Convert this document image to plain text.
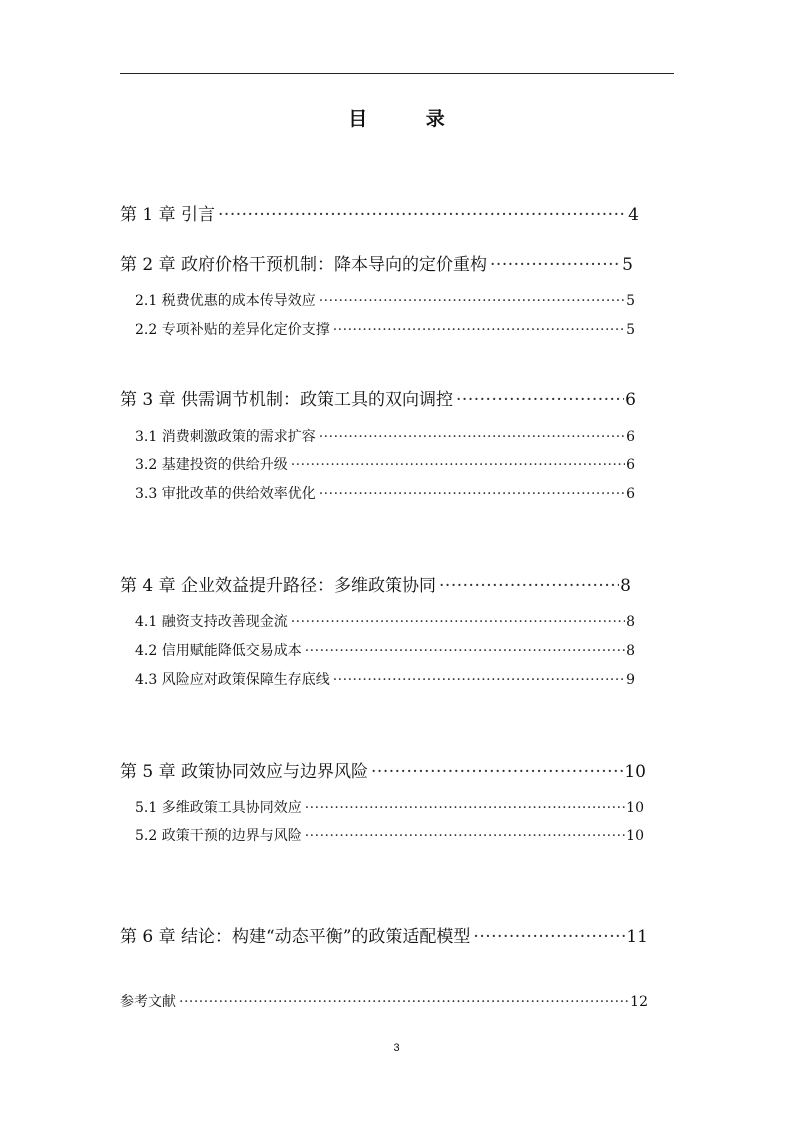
目 录
第 1 章 引言 ·····	4
第 2 章 政府价格干预机制：降本导向的定价重构 ·····	5
2.1 税费优惠的成本传导效应 ·····	5
2.2 专项补贴的差异化定价支撑 ·····	5
第 3 章 供需调节机制：政策工具的双向调控 ·····	6
3.1 消费刺激政策的需求扩容 ·····	6
3.2 基建投资的供给升级 ·····	6
3.3 审批改革的供给效率优化 ·····	6
第 4 章 企业效益提升路径：多维政策协同 ·····	8
4.1 融资支持改善现金流 ·····	8
4.2 信用赋能降低交易成本 ·····	8
4.3 风险应对政策保障生存底线 ·····	9
第 5 章 政策协同效应与边界风险 ·····	10
5.1 多维政策工具协同效应 ·····	10
5.2 政策干预的边界与风险 ·····	10
第 6 章 结论：构建“动态平衡”的政策适配模型 ·····	11
参考文献 ·····	12
3
